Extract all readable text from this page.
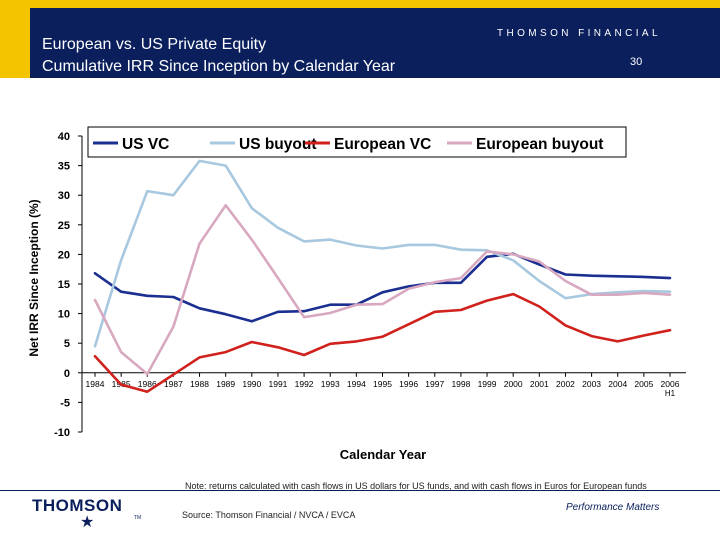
European vs. US Private Equity
Cumulative IRR Since Inception by Calendar Year
THOMSON FINANCIAL
30
-10
-5
0
5
10
15
20
25
30
35
40
1984 1985 1986 1987 1988 1989 1990 1991 1992 1993 1994 1995 1996 1997 1998 1999 2000 2001 2002 2003 2004 2005 2006
H1
US VC	US buyout European VC	European buyout
Net IRR Since Inception (%)
Calendar Year
Note: returns calculated with cash flows in US dollars for US funds, and with cash flows in Euros for European funds
Source: Thomson Financial / NVCA / EVCA
THOMSON
★	TM
Performance Matters
